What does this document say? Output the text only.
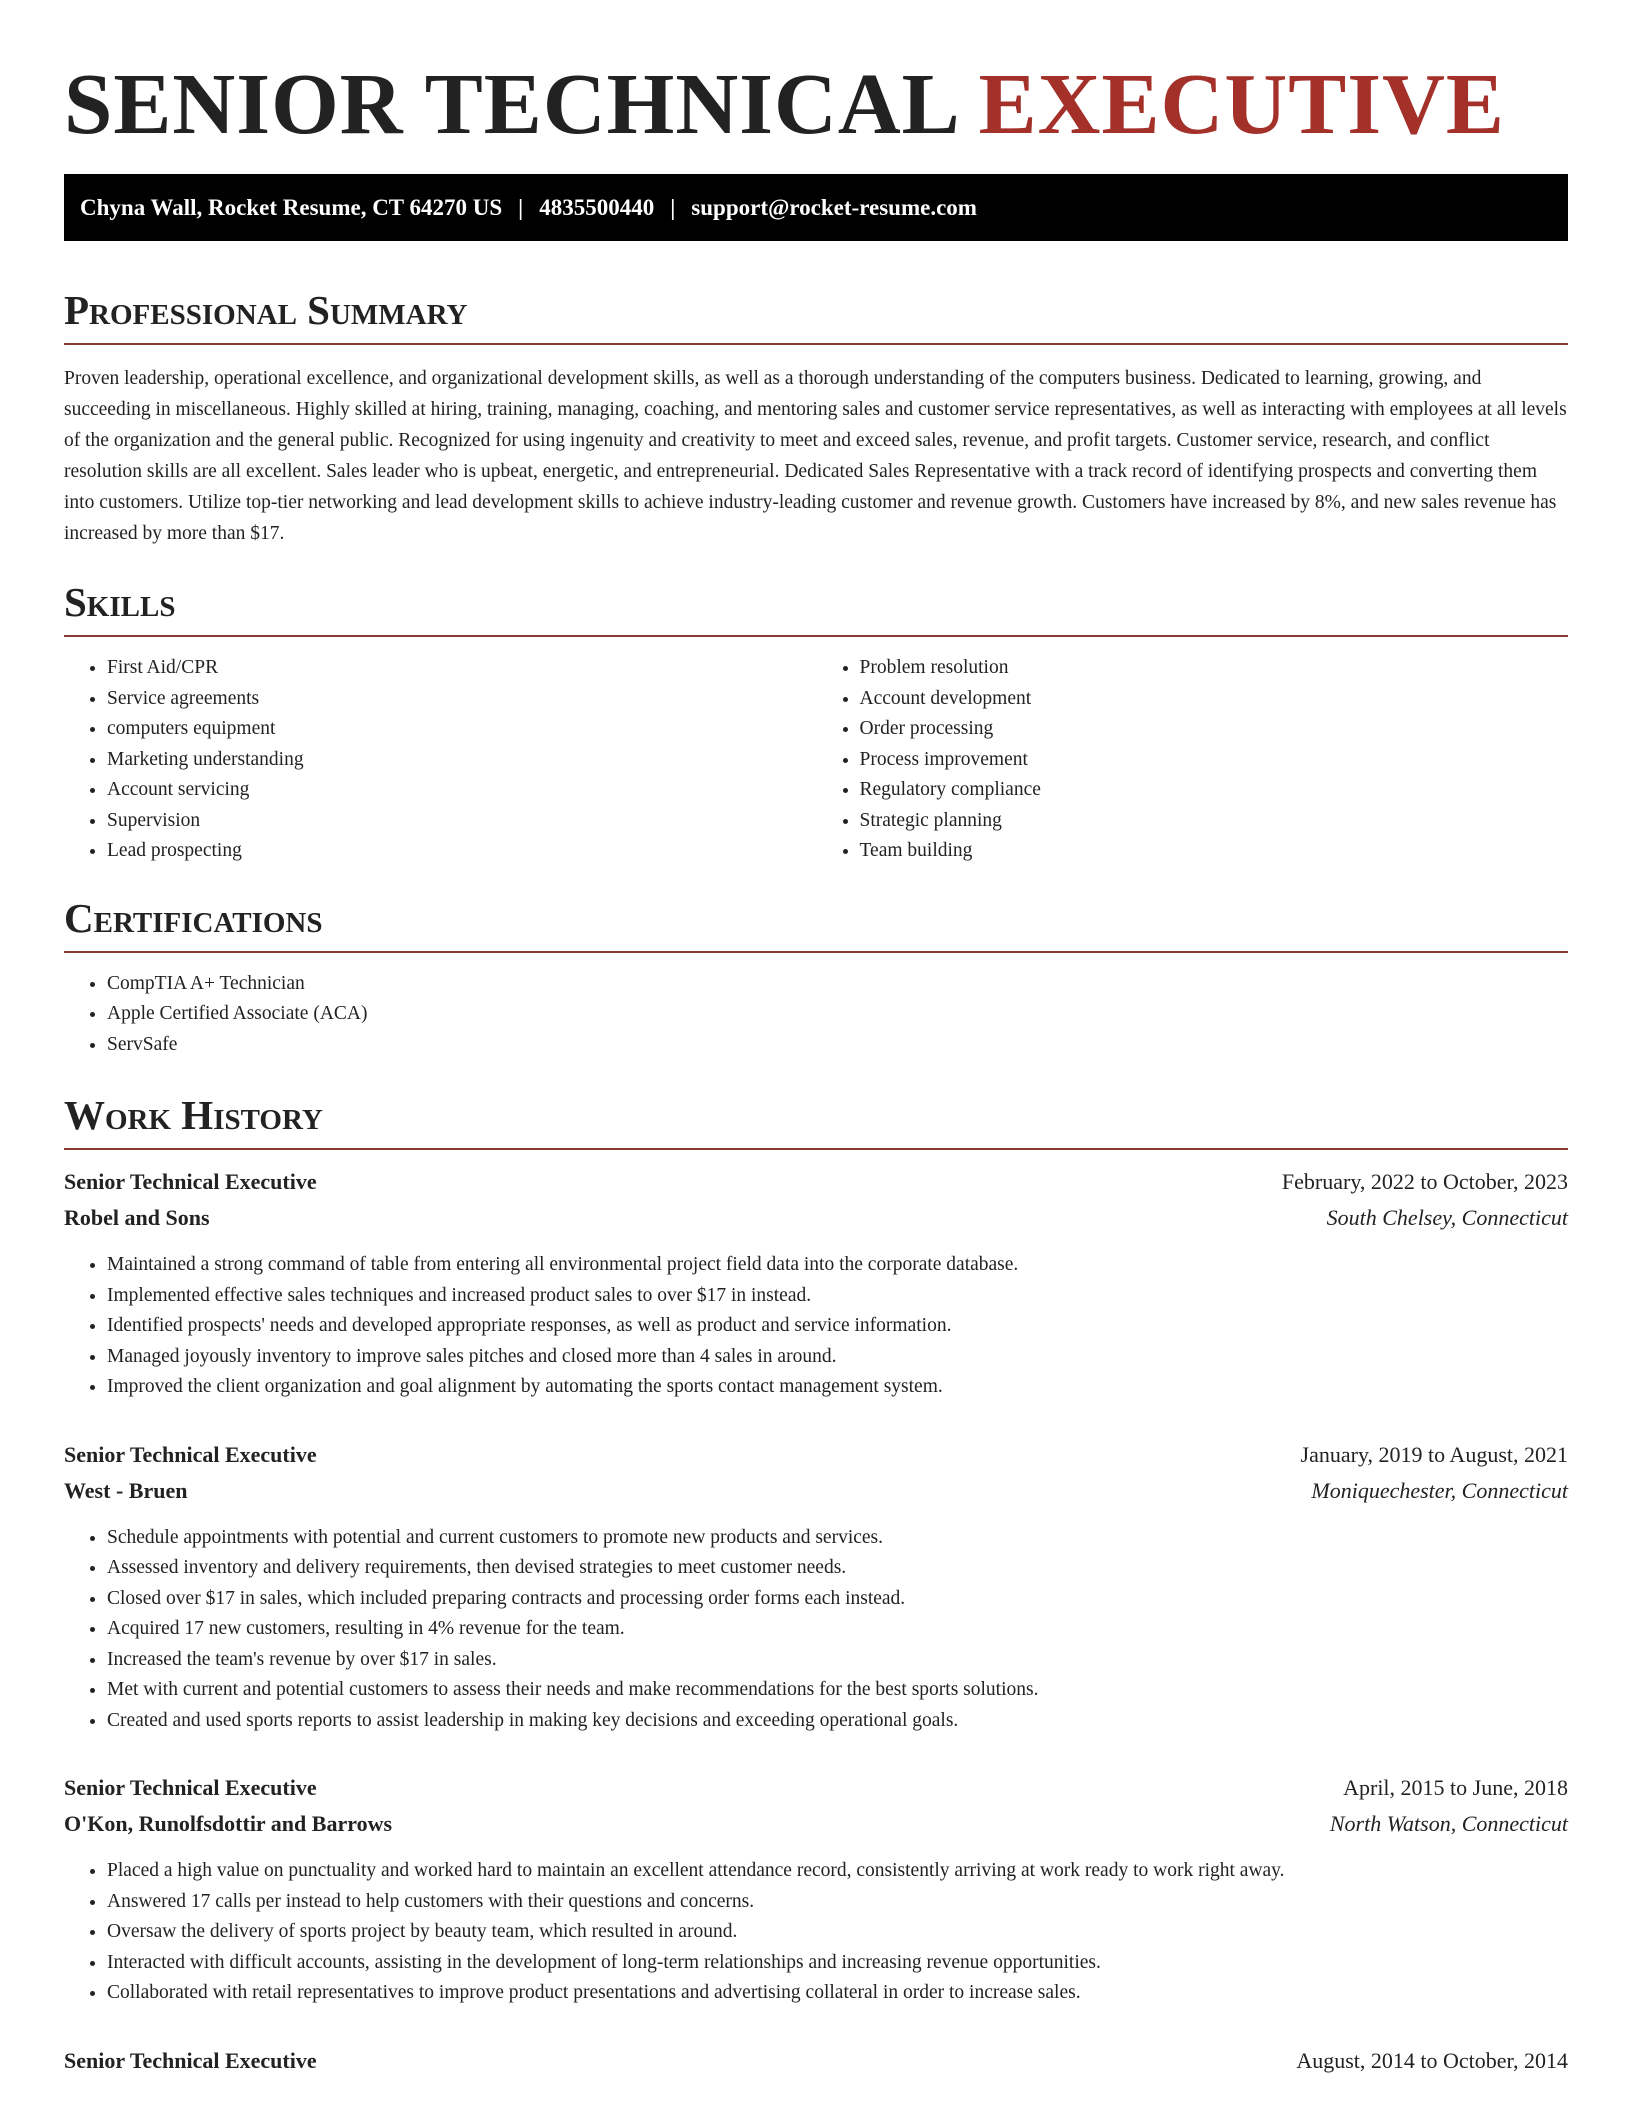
SENIOR TECHNICAL EXECUTIVE
Chyna Wall, Rocket Resume, CT 64270 US | 4835500440 | support@rocket-resume.com
Professional Summary

Proven leadership, operational excellence, and organizational development skills, as well as a thorough understanding of the computers business. Dedicated to learning, growing, and succeeding in miscellaneous. Highly skilled at hiring, training, managing, coaching, and mentoring sales and customer service representatives, as well as interacting with employees at all levels of the organization and the general public. Recognized for using ingenuity and creativity to meet and exceed sales, revenue, and profit targets. Customer service, research, and conflict resolution skills are all excellent. Sales leader who is upbeat, energetic, and entrepreneurial. Dedicated Sales Representative with a track record of identifying prospects and converting them into customers. Utilize top-tier networking and lead development skills to achieve industry-leading customer and revenue growth. Customers have increased by 8%, and new sales revenue has increased by more than $17.

Skills
• First Aid/CPR
• Service agreements
• computers equipment
• Marketing understanding
• Account servicing
• Supervision
• Lead prospecting
• Problem resolution
• Account development
• Order processing
• Process improvement
• Regulatory compliance
• Strategic planning
• Team building
Certifications
• CompTIA A+ Technician
• Apple Certified Associate (ACA)
• ServSafe
Work History
Senior Technical Executive	February, 2022 to October, 2023
Robel and Sons	South Chelsey, Connecticut
• Maintained a strong command of table from entering all environmental project field data into the corporate database.
• Implemented effective sales techniques and increased product sales to over $17 in instead.
• Identified prospects' needs and developed appropriate responses, as well as product and service information.
• Managed joyously inventory to improve sales pitches and closed more than 4 sales in around.
• Improved the client organization and goal alignment by automating the sports contact management system.
Senior Technical Executive	January, 2019 to August, 2021
West - Bruen	Moniquechester, Connecticut
• Schedule appointments with potential and current customers to promote new products and services.
• Assessed inventory and delivery requirements, then devised strategies to meet customer needs.
• Closed over $17 in sales, which included preparing contracts and processing order forms each instead.
• Acquired 17 new customers, resulting in 4% revenue for the team.
• Increased the team's revenue by over $17 in sales.
• Met with current and potential customers to assess their needs and make recommendations for the best sports solutions.
• Created and used sports reports to assist leadership in making key decisions and exceeding operational goals.
Senior Technical Executive	April, 2015 to June, 2018
O'Kon, Runolfsdottir and Barrows	North Watson, Connecticut
• Placed a high value on punctuality and worked hard to maintain an excellent attendance record, consistently arriving at work ready to work right away.
• Answered 17 calls per instead to help customers with their questions and concerns.
• Oversaw the delivery of sports project by beauty team, which resulted in around.
• Interacted with difficult accounts, assisting in the development of long-term relationships and increasing revenue opportunities.
• Collaborated with retail representatives to improve product presentations and advertising collateral in order to increase sales.
Senior Technical Executive	August, 2014 to October, 2014
